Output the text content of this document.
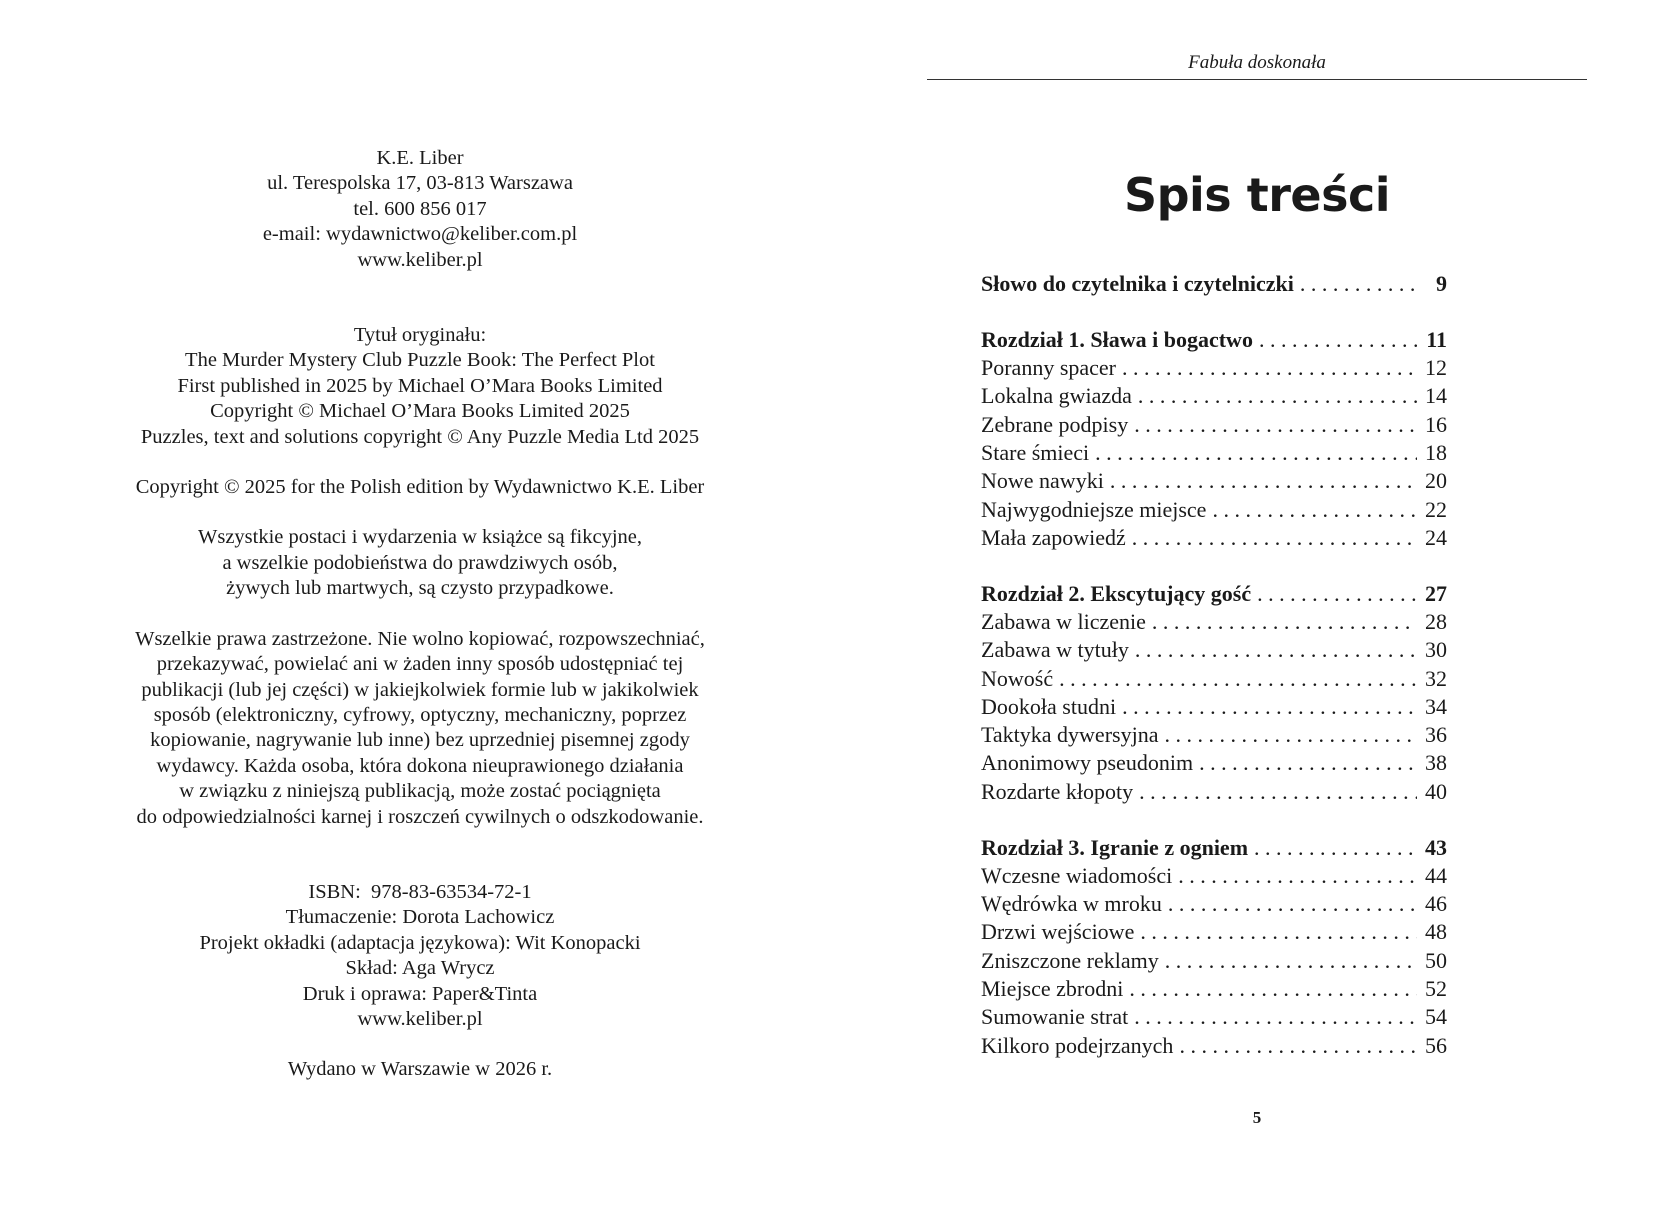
K.E. Liber

ul. Terespolska 17, 03-813 Warszawa

tel. 600 856 017

e-mail: wydawnictwo@keliber.com.pl

www.keliber.pl

Tytuł oryginału:

The Murder Mystery Club Puzzle Book: The Perfect Plot

First published in 2025 by Michael O’Mara Books Limited

Copyright © Michael O’Mara Books Limited 2025

Puzzles, text and solutions copyright © Any Puzzle Media Ltd 2025

Copyright © 2025 for the Polish edition by Wydawnictwo K.E. Liber

Wszystkie postaci i wydarzenia w książce są fikcyjne,

a wszelkie podobieństwa do prawdziwych osób,

żywych lub martwych, są czysto przypadkowe.

Wszelkie prawa zastrzeżone. Nie wolno kopiować, rozpowszechniać,

przekazywać, powielać ani w żaden inny sposób udostępniać tej

publikacji (lub jej części) w jakiejkolwiek formie lub w jakikolwiek

sposób (elektroniczny, cyfrowy, optyczny, mechaniczny, poprzez

kopiowanie, nagrywanie lub inne) bez uprzedniej pisemnej zgody

wydawcy. Każda osoba, która dokona nieuprawionego działania

w związku z niniejszą publikacją, może zostać pociągnięta

do odpowiedzialności karnej i roszczeń cywilnych o odszkodowanie.

ISBN:  978-83-63534-72-1

Tłumaczenie: Dorota Lachowicz

Projekt okładki (adaptacja językowa): Wit Konopacki

Skład: Aga Wrycz

Druk i oprawa: Paper&Tinta

www.keliber.pl

Wydano w Warszawie w 2026 r.

Fabuła doskonała
Spis treści
Słowo do czytelnika i czytelniczki . . .	9
Rozdział 1. Sława i bogactwo . . .	11
Poranny spacer . . .	12
Lokalna gwiazda . . .	14
Zebrane podpisy . . .	16
Stare śmieci . . .	18
Nowe nawyki . . .	20
Najwygodniejsze miejsce . . .	22
Mała zapowiedź . . .	24
Rozdział 2. Ekscytujący gość . . .	27
Zabawa w liczenie . . .	28
Zabawa w tytuły . . .	30
Nowość . . .	32
Dookoła studni . . .	34
Taktyka dywersyjna . . .	36
Anonimowy pseudonim . . .	38
Rozdarte kłopoty . . .	40
Rozdział 3. Igranie z ogniem . . .	43
Wczesne wiadomości . . .	44
Wędrówka w mroku . . .	46
Drzwi wejściowe . . .	48
Zniszczone reklamy . . .	50
Miejsce zbrodni . . .	52
Sumowanie strat . . .	54
Kilkoro podejrzanych . . .	56
5
